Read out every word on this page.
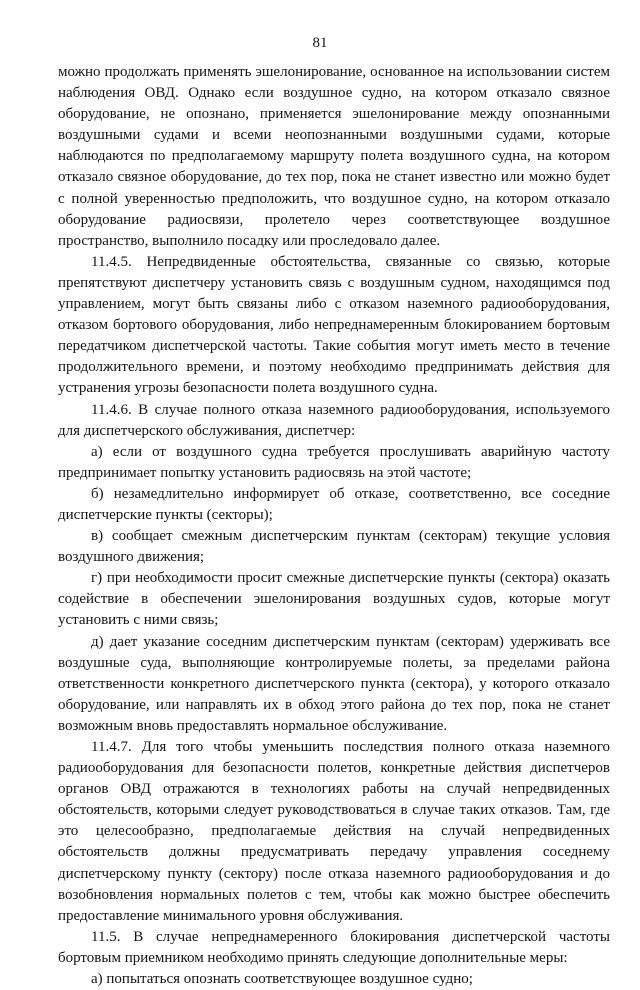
81

можно продолжать применять эшелонирование, основанное на использовании систем наблюдения ОВД. Однако если воздушное судно, на котором отказало связное оборудование, не опознано, применяется эшелонирование между опознанными воздушными судами и всеми неопознанными воздушными судами, которые наблюдаются по предполагаемому маршруту полета воздушного судна, на котором отказало связное оборудование, до тех пор, пока не станет известно или можно будет с полной уверенностью предположить, что воздушное судно, на котором отказало оборудование радиосвязи, пролетело через соответствующее воздушное пространство, выполнило посадку или проследовало далее.

11.4.5. Непредвиденные обстоятельства, связанные со связью, которые препятствуют диспетчеру установить связь с воздушным судном, находящимся под управлением, могут быть связаны либо с отказом наземного радиооборудования, отказом бортового оборудования, либо непреднамеренным блокированием бортовым передатчиком диспетчерской частоты. Такие события могут иметь место в течение продолжительного времени, и поэтому необходимо предпринимать действия для устранения угрозы безопасности полета воздушного судна.

11.4.6. В случае полного отказа наземного радиооборудования, используемого для диспетчерского обслуживания, диспетчер:

а) если от воздушного судна требуется прослушивать аварийную частоту предпринимает попытку установить радиосвязь на этой частоте;

б) незамедлительно информирует об отказе, соответственно, все соседние диспетчерские пункты (секторы);

в) сообщает смежным диспетчерским пунктам (секторам) текущие условия воздушного движения;

г) при необходимости просит смежные диспетчерские пункты (сектора) оказать содействие в обеспечении эшелонирования воздушных судов, которые могут установить с ними связь;

д) дает указание соседним диспетчерским пунктам (секторам) удерживать все воздушные суда, выполняющие контролируемые полеты, за пределами района ответственности конкретного диспетчерского пункта (сектора), у которого отказало оборудование, или направлять их в обход этого района до тех пор, пока не станет возможным вновь предоставлять нормальное обслуживание.

11.4.7. Для того чтобы уменьшить последствия полного отказа наземного радиооборудования для безопасности полетов, конкретные действия диспетчеров органов ОВД отражаются в технологиях работы на случай непредвиденных обстоятельств, которыми следует руководствоваться в случае таких отказов. Там, где это целесообразно, предполагаемые действия на случай непредвиденных обстоятельств должны предусматривать передачу управления соседнему диспетчерскому пункту (сектору) после отказа наземного радиооборудования и до возобновления нормальных полетов с тем, чтобы как можно быстрее обеспечить предоставление минимального уровня обслуживания.

11.5. В случае непреднамеренного блокирования диспетчерской частоты бортовым приемником необходимо принять следующие дополнительные меры:

а) попытаться опознать соответствующее воздушное судно;
